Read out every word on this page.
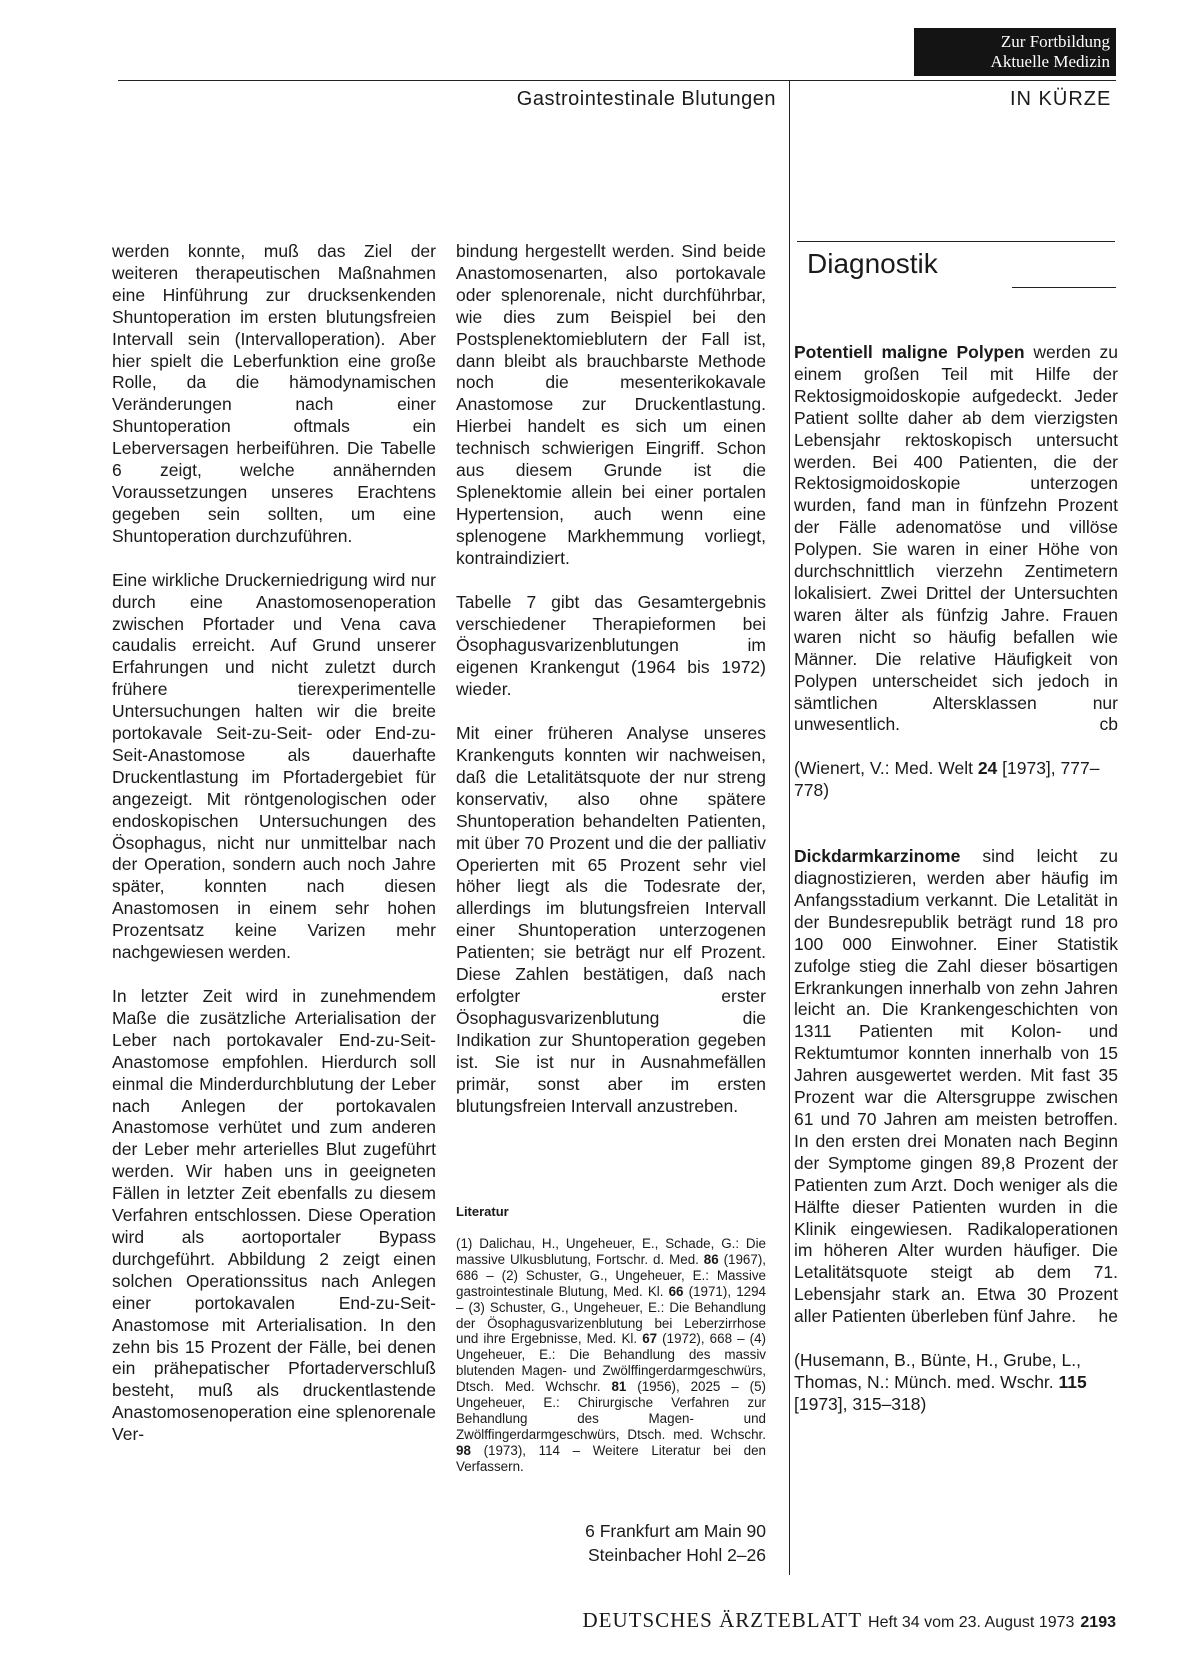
Zur Fortbildung
Aktuelle Medizin
Gastrointestinale Blutungen	IN KÜRZE

werden konnte, muß das Ziel der weiteren therapeutischen Maßnahmen eine Hinführung zur drucksenkenden Shuntoperation im ersten blutungsfreien Intervall sein (Intervalloperation). Aber hier spielt die Leberfunktion eine große Rolle, da die hämodynamischen Veränderungen nach einer Shuntoperation oftmals ein Leberversagen herbeiführen. Die Tabelle 6 zeigt, welche annähernden Voraussetzungen unseres Erachtens gegeben sein sollten, um eine Shuntoperation durchzuführen.

Eine wirkliche Druckerniedrigung wird nur durch eine Anastomosenoperation zwischen Pfortader und Vena cava caudalis erreicht. Auf Grund unserer Erfahrungen und nicht zuletzt durch frühere tierexperimentelle Untersuchungen halten wir die breite portokavale Seit-zu-Seit- oder End-zu-Seit-Anastomose als dauerhafte Druckentlastung im Pfortadergebiet für angezeigt. Mit röntgenologischen oder endoskopischen Untersuchungen des Ösophagus, nicht nur unmittelbar nach der Operation, sondern auch noch Jahre später, konnten nach diesen Anastomosen in einem sehr hohen Prozentsatz keine Varizen mehr nachgewiesen werden.

In letzter Zeit wird in zunehmendem Maße die zusätzliche Arterialisation der Leber nach portokavaler End-zu-Seit-Anastomose empfohlen. Hierdurch soll einmal die Minderdurchblutung der Leber nach Anlegen der portokavalen Anastomose verhütet und zum anderen der Leber mehr arterielles Blut zugeführt werden. Wir haben uns in geeigneten Fällen in letzter Zeit ebenfalls zu diesem Verfahren entschlossen. Diese Operation wird als aortoportaler Bypass durchgeführt. Abbildung 2 zeigt einen solchen Operationssitus nach Anlegen einer portokavalen End-zu-Seit-Anastomose mit Arterialisation. In den zehn bis 15 Prozent der Fälle, bei denen ein prähepatischer Pfortaderverschluß besteht, muß als druckentlastende Anastomosenoperation eine splenorenale Ver-

bindung hergestellt werden. Sind beide Anastomosenarten, also portokavale oder splenorenale, nicht durchführbar, wie dies zum Beispiel bei den Postsplenektomieblutern der Fall ist, dann bleibt als brauchbarste Methode noch die mesenterikokavale Anastomose zur Druckentlastung. Hierbei handelt es sich um einen technisch schwierigen Eingriff. Schon aus diesem Grunde ist die Splenektomie allein bei einer portalen Hypertension, auch wenn eine splenogene Markhemmung vorliegt, kontraindiziert.

Tabelle 7 gibt das Gesamtergebnis verschiedener Therapieformen bei Ösophagusvarizenblutungen im eigenen Krankengut (1964 bis 1972) wieder.

Mit einer früheren Analyse unseres Krankenguts konnten wir nachweisen, daß die Letalitätsquote der nur streng konservativ, also ohne spätere Shuntoperation behandelten Patienten, mit über 70 Prozent und die der palliativ Operierten mit 65 Prozent sehr viel höher liegt als die Todesrate der, allerdings im blutungsfreien Intervall einer Shuntoperation unterzogenen Patienten; sie beträgt nur elf Prozent. Diese Zahlen bestätigen, daß nach erfolgter erster Ösophagusvarizenblutung die Indikation zur Shuntoperation gegeben ist. Sie ist nur in Ausnahmefällen primär, sonst aber im ersten blutungsfreien Intervall anzustreben.

Literatur
(1) Dalichau, H., Ungeheuer, E., Schade, G.: Die massive Ulkusblutung, Fortschr. d. Med. 86 (1967), 686 – (2) Schuster, G., Ungeheuer, E.: Massive gastrointestinale Blutung, Med. Kl. 66 (1971), 1294 – (3) Schuster, G., Ungeheuer, E.: Die Behandlung der Ösophagusvarizenblutung bei Leberzirrhose und ihre Ergebnisse, Med. Kl. 67 (1972), 668 – (4) Ungeheuer, E.: Die Behandlung des massiv blutenden Magen- und Zwölffingerdarmgeschwürs, Dtsch. Med. Wchschr. 81 (1956), 2025 – (5) Ungeheuer, E.: Chirurgische Verfahren zur Behandlung des Magen- und Zwölffingerdarmgeschwürs, Dtsch. med. Wchschr. 98 (1973), 114 – Weitere Literatur bei den Verfassern.
6 Frankfurt am Main 90
Steinbacher Hohl 2–26
Diagnostik

Potentiell maligne Polypen werden zu einem großen Teil mit Hilfe der Rektosigmoidoskopie aufgedeckt. Jeder Patient sollte daher ab dem vierzigsten Lebensjahr rektoskopisch untersucht werden. Bei 400 Patienten, die der Rektosigmoidoskopie unterzogen wurden, fand man in fünfzehn Prozent der Fälle adenomatöse und villöse Polypen. Sie waren in einer Höhe von durchschnittlich vierzehn Zentimetern lokalisiert. Zwei Drittel der Untersuchten waren älter als fünfzig Jahre. Frauen waren nicht so häufig befallen wie Männer. Die relative Häufigkeit von Polypen unterscheidet sich jedoch in sämtlichen Altersklassen nur unwesentlich.	cb

(Wienert, V.: Med. Welt 24 [1973], 777–778)

Dickdarmkarzinome sind leicht zu diagnostizieren, werden aber häufig im Anfangsstadium verkannt. Die Letalität in der Bundesrepublik beträgt rund 18 pro 100 000 Einwohner. Einer Statistik zufolge stieg die Zahl dieser bösartigen Erkrankungen innerhalb von zehn Jahren leicht an. Die Krankengeschichten von 1311 Patienten mit Kolon- und Rektumtumor konnten innerhalb von 15 Jahren ausgewertet werden. Mit fast 35 Prozent war die Altersgruppe zwischen 61 und 70 Jahren am meisten betroffen. In den ersten drei Monaten nach Beginn der Symptome gingen 89,8 Prozent der Patienten zum Arzt. Doch weniger als die Hälfte dieser Patienten wurden in die Klinik eingewiesen. Radikaloperationen im höheren Alter wurden häufiger. Die Letalitätsquote steigt ab dem 71. Lebensjahr stark an. Etwa 30 Prozent aller Patienten überleben fünf Jahre. he

(Husemann, B., Bünte, H., Grube, L., Thomas, N.: Münch. med. Wschr. 115 [1973], 315–318)

DEUTSCHES ÄRZTEBLATT Heft 34 vom 23. August 1973 2193
